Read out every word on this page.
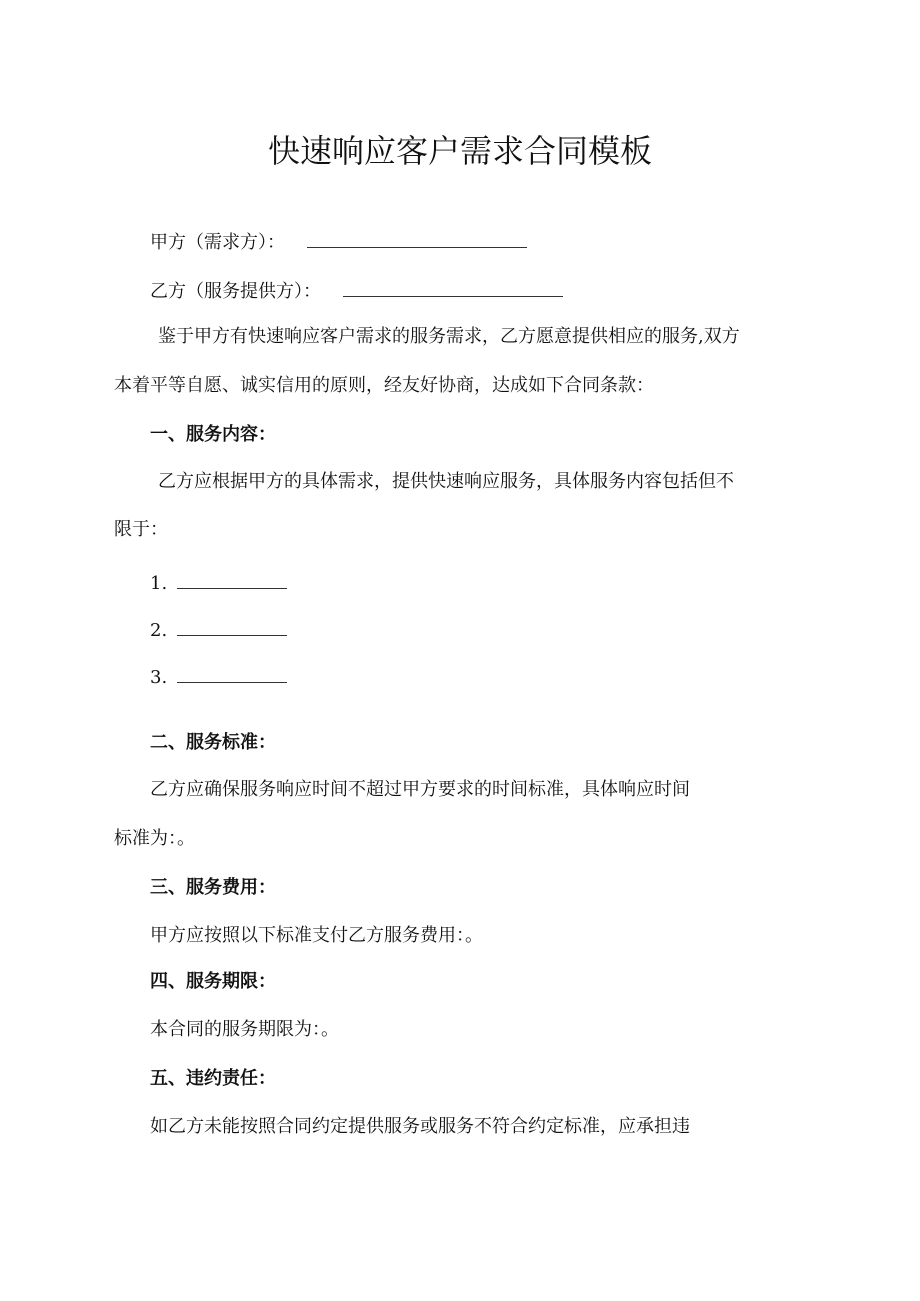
快速响应客户需求合同模板
甲方（需求方）：
乙方（服务提供方）：
鉴于甲方有快速响应客户需求的服务需求，乙方愿意提供相应的服务,双方
本着平等自愿、诚实信用的原则，经友好协商，达成如下合同条款：
一、服务内容：
乙方应根据甲方的具体需求，提供快速响应服务，具体服务内容包括但不
限于：
1.
2.
3.
二、服务标准：
乙方应确保服务响应时间不超过甲方要求的时间标准，具体响应时间
标准为：。
三、服务费用：
甲方应按照以下标准支付乙方服务费用：。
四、服务期限：
本合同的服务期限为：。
五、违约责任：
如乙方未能按照合同约定提供服务或服务不符合约定标准，应承担违
